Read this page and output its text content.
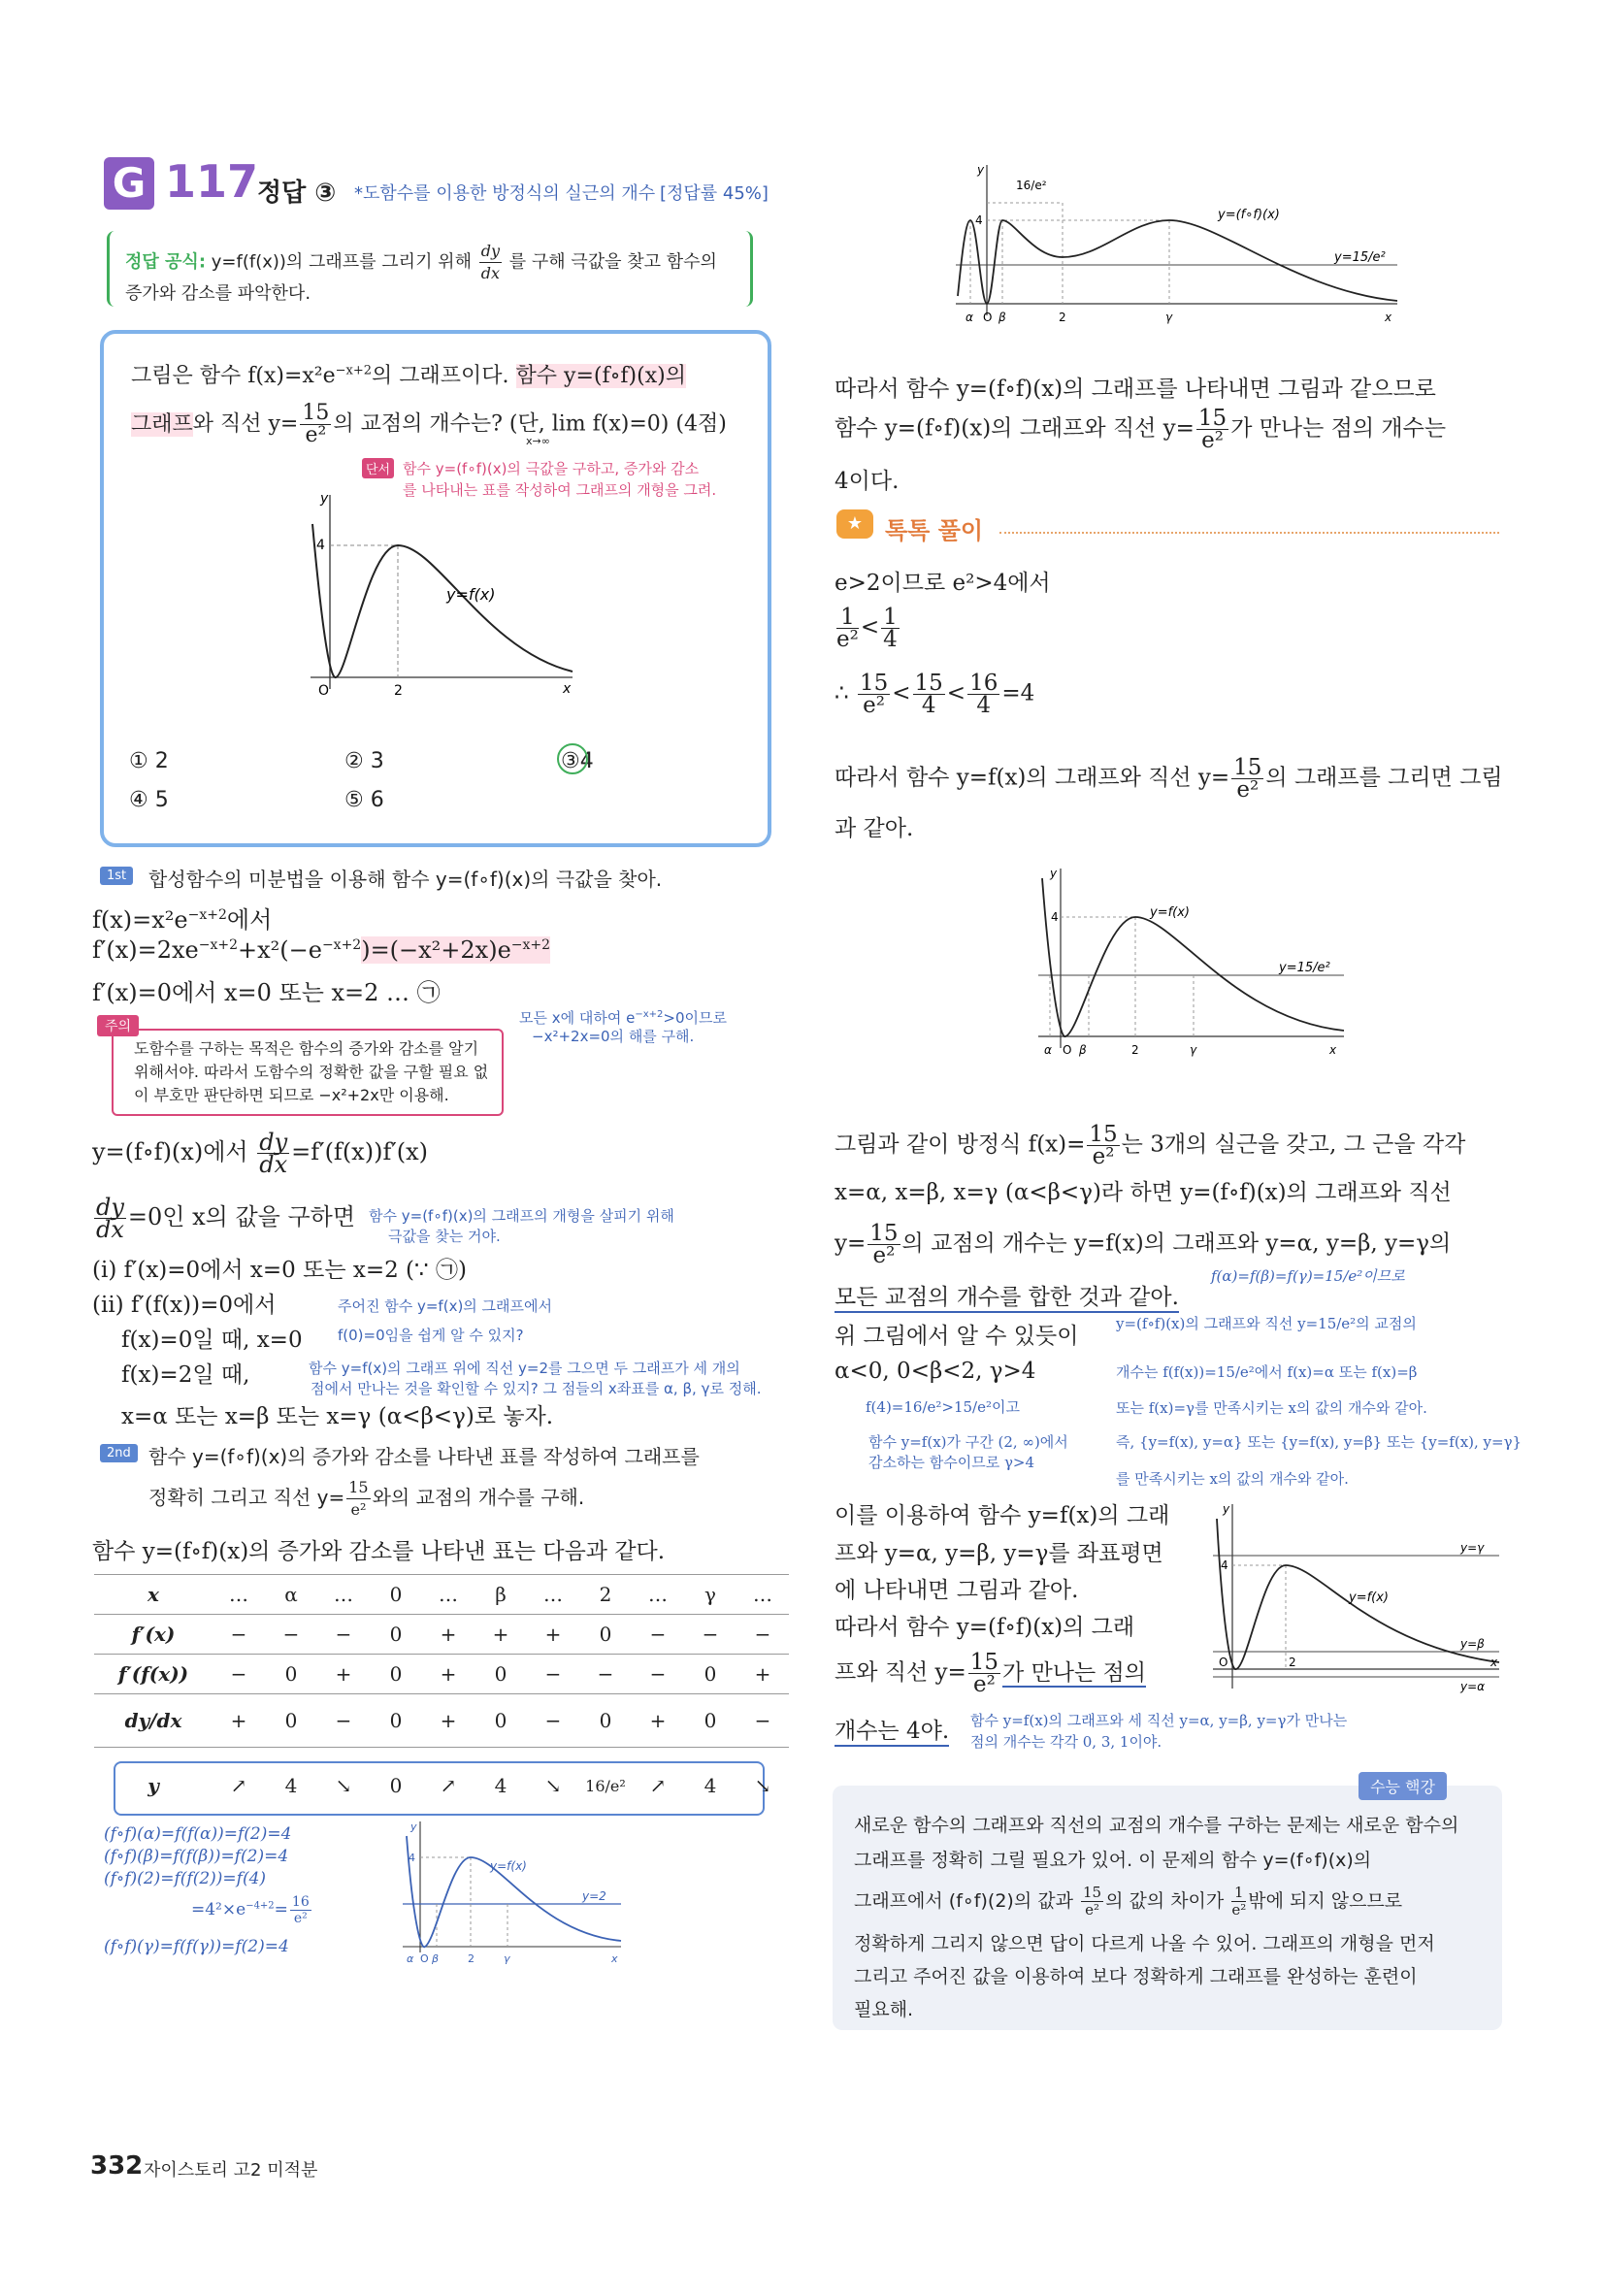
G 117
정답 ③ *도함수를 이용한 방정식의 실근의 개수 [정답률 45%]
정답 공식: y=f(f(x))의 그래프를 그리기 위해 $\frac{dy}{dx}$ 를 구해 극값을 찾고 함수의
증가와 감소를 파악한다.
그림은 함수 $f(x)=x^2e^{-x+2}$의 그래프이다. 함수 y=(f∘f)(x)의
그래프와 직선 $y= \frac{15}{\text{e²}}$ 의 교점의 개수는? (단, lim f(x)=0) (4점)
x→∞
단서 함수 y=(f∘f)(x)의 극값을 구하고, 증가와 감소
를 나타내는 표를 작성하여 그래프의 개형을 그려.
y
4
y=f(x)
O	2	x
① 2	② 3	③4
④ 5	⑤ 6
1st	합성함수의 미분법을 이용해 함수 y=(f∘f)(x)의 극값을 찾아.
$f(x)=x^2e^{-x+2}$에서
$f'(x)=2xe^{-x+2}+x^2(-e^{-x+2})=(-x^2+2x)e^{-x+2}$
f′(x)=0에서 x=0 또는 x=2 … ㉠
모든 x에 대하여 $e^{-x+2}>0$이므로
−x²+2x=0의 해를 구해.
주의
도함수를 구하는 목적은 함수의 증가와 감소를 알기
위해서야. 따라서 도함수의 정확한 값을 구할 필요 없
이 부호만 판단하면 되므로 −x²+2x만 이용해.
y=(f∘f)(x)에서 $\frac{dy}{dx} =f'(f(x))f'(x)$
$\frac{dy}{dx} =0$인 x의 값을 구하면 함수 y=(f∘f)(x)의 그래프의 개형을 살피기 위해
극값을 찾는 거야.
(ⅰ) f′(x)=0에서 x=0 또는 x=2 (∵ ㉠)
(ⅱ) f′(f(x))=0에서	주어진 함수 y=f(x)의 그래프에서
f(x)=0일 때, x=0 f(0)=0임을 쉽게 알 수 있지?
f(x)=2일 때,	함수 y=f(x)의 그래프 위에 직선 y=2를 그으면 두 그래프가 세 개의
점에서 만나는 것을 확인할 수 있지? 그 점들의 x좌표를 α, β, γ로 정해.
x=α 또는 x=β 또는 x=γ (α<β<γ)로 놓자.
2nd 함수 y=(f∘f)(x)의 증가와 감소를 나타낸 표를 작성하여 그래프를
정확히 그리고 직선 $y= \frac{15}{\text{e²}}$ 와의 교점의 개수를 구해.
함수 y=(f∘f)(x)의 증가와 감소를 나타낸 표는 다음과 같다.
x	…	α	…	0	…	β	…	2	…	γ	…
f′(x)	−	−	−	0	+	+	+	0	−	−	−
f′(f(x))	−	0	+	0	+	0	−	−	−	0	+
dy/dx	+	0	−	0	+	0	−	0	+	0	−
y	↗	4	↘	0	↗	4	↘	16/e²	↗	4	↘
(f∘f)(α)=f(f(α))=f(2)=4
(f∘f)(β)=f(f(β))=f(2)=4
(f∘f)(2)=f(f(2))=f(4)
$=4^2\times e^{-4+2}= \frac{16}{\text{e²}}$
(f∘f)(γ)=f(f(γ))=f(2)=4
y
4
y=f(x)
y=2
α O β	2	γ	x
y
16/e²
4	y=(f∘f)(x)
y=15/e²
α O β	2	γ	x
따라서 함수 y=(f∘f)(x)의 그래프를 나타내면 그림과 같으므로
함수 y=(f∘f)(x)의 그래프와 직선 $y= \frac{15}{\text{e²}}$ 가 만나는 점의 개수는
4이다.
★ 톡톡 풀이
e>2이므로 e²>4에서
$\frac{1}{\text{e²}} < \frac{1}{4}$
∴ $\frac{15}{\text{e²}} < \frac{15}{4} < \frac{16}{4} =4$
따라서 함수 y=f(x)의 그래프와 직선 $y= \frac{15}{\text{e²}}$ 의 그래프를 그리면 그림
과 같아.
y
4	y=f(x)
y=15/e²
α O β	2	γ	x
그림과 같이 방정식 $f(x)= \frac{15}{\text{e²}}$ 는 3개의 실근을 갖고, 그 근을 각각
x=α, x=β, x=γ (α<β<γ)라 하면 y=(f∘f)(x)의 그래프와 직선
$y= \frac{15}{\text{e²}}$ 의 교점의 개수는 y=f(x)의 그래프와 y=α, y=β, y=γ의
모든 교점의 개수를 합한 것과 같아.
f(α)=f(β)=f(γ)=15/e²이므로
위 그림에서 알 수 있듯이	y=(f∘f)(x)의 그래프와 직선 y=15/e²의 교점의
α<0, 0<β<2, γ>4	개수는 f(f(x))=15/e²에서 f(x)=α 또는 f(x)=β
f(4)=16/e²>15/e²이고	또는 f(x)=γ를 만족시키는 x의 값의 개수와 같아.
함수 y=f(x)가 구간 (2, ∞)에서
감소하는 함수이므로 γ>4
즉, {y=f(x), y=α} 또는 {y=f(x), y=β} 또는 {y=f(x), y=γ}
를 만족시키는 x의 값의 개수와 같아.
이를 이용하여 함수 y=f(x)의 그래
프와 y=α, y=β, y=γ를 좌표평면
에 나타내면 그림과 같아.
따라서 함수 y=(f∘f)(x)의 그래
프와 직선 $y= \frac{15}{\text{e²}}$ 가 만나는 점의
개수는 4야. 함수 y=f(x)의 그래프와 세 직선 y=α, y=β, y=γ가 만나는
점의 개수는 각각 0, 3, 1이야.
y
4
y=f(x)
y=γ
y=β
y=α
O	2	x
수능 핵강
새로운 함수의 그래프와 직선의 교점의 개수를 구하는 문제는 새로운 함수의
그래프를 정확히 그릴 필요가 있어. 이 문제의 함수 y=(f∘f)(x)의
그래프에서 (f∘f)(2)의 값과 $\frac{15}{\text{e²}}$ 의 값의 차이가 $\frac{1}{\text{e²}}$ 밖에 되지 않으므로
정확하게 그리지 않으면 답이 다르게 나올 수 있어. 그래프의 개형을 먼저
그리고 주어진 값을 이용하여 보다 정확하게 그래프를 완성하는 훈련이
필요해.
332 자이스토리 고2 미적분
